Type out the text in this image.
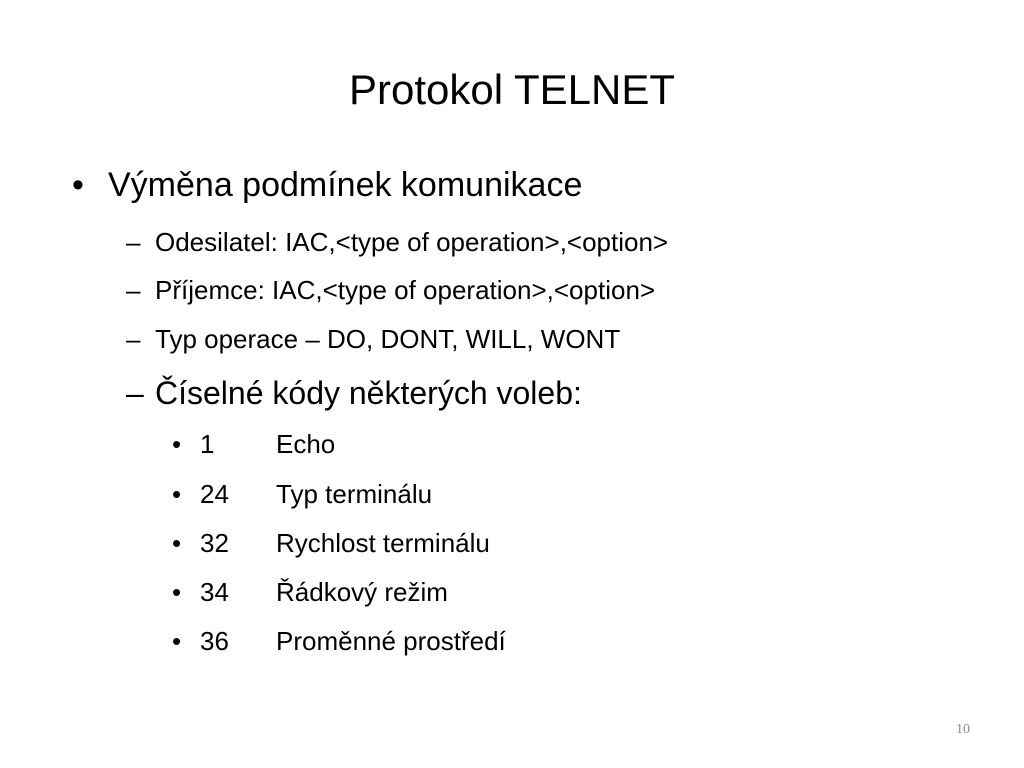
Protokol TELNET
• Výměna podmínek komunikace
– Odesilatel: IAC,<type of operation>,<option>
– Příjemce: IAC,<type of operation>,<option>
– Typ operace – DO, DONT, WILL, WONT
– Číselné kódy některých voleb:
• 1 Echo
• 24 Typ terminálu
• 32 Rychlost terminálu
• 34 Řádkový režim
• 36 Proměnné prostředí
10
